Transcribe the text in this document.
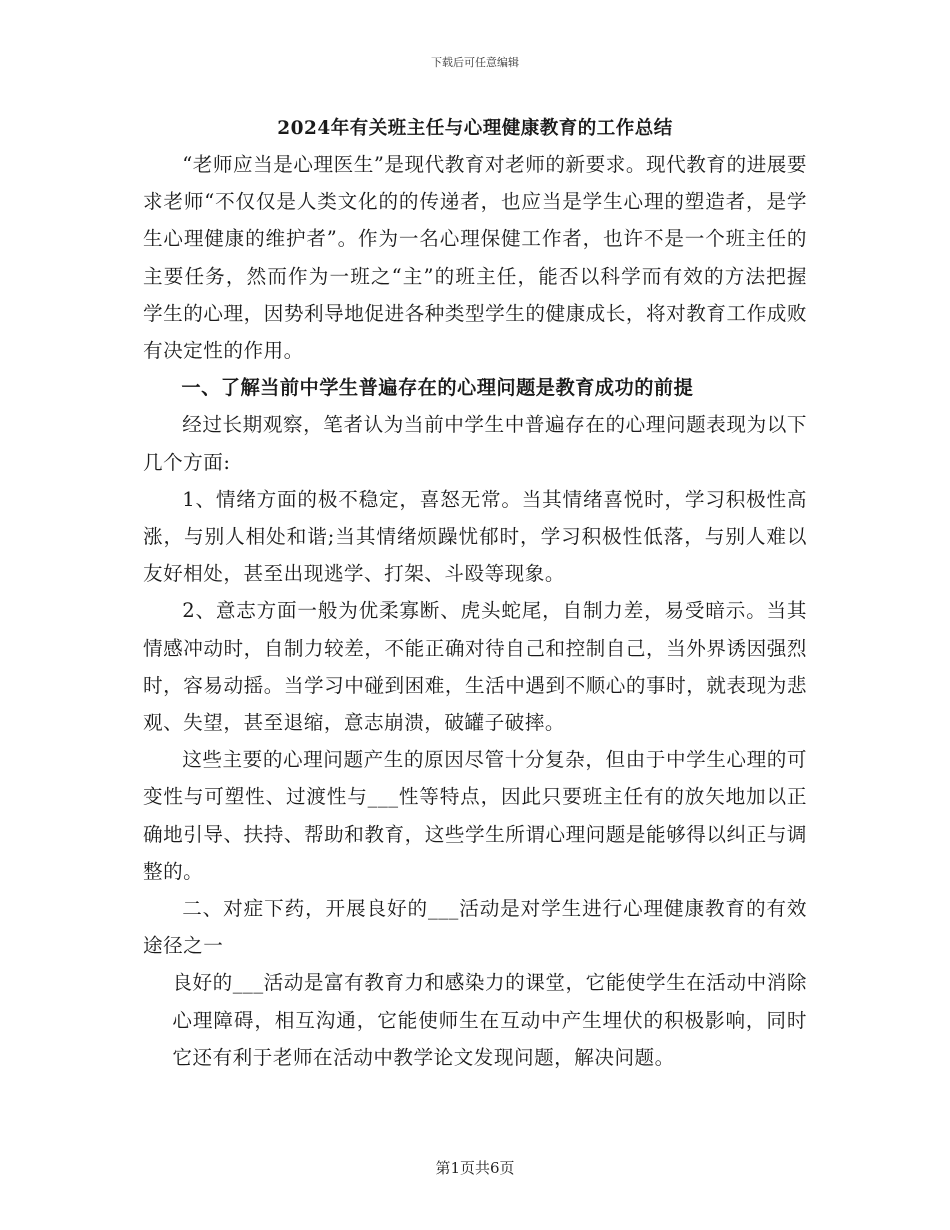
下载后可任意编辑
2024年有关班主任与心理健康教育的工作总结

“老师应当是心理医生”是现代教育对老师的新要求。现代教育的进展要求老师“不仅仅是人类文化的的传递者，也应当是学生心理的塑造者，是学生心理健康的维护者”。作为一名心理保健工作者，也许不是一个班主任的主要任务，然而作为一班之“主”的班主任，能否以科学而有效的方法把握学生的心理，因势利导地促进各种类型学生的健康成长，将对教育工作成败有决定性的作用。

一、了解当前中学生普遍存在的心理问题是教育成功的前提

经过长期观察，笔者认为当前中学生中普遍存在的心理问题表现为以下几个方面:

1、情绪方面的极不稳定，喜怒无常。当其情绪喜悦时，学习积极性高涨，与别人相处和谐;当其情绪烦躁忧郁时，学习积极性低落，与别人难以友好相处，甚至出现逃学、打架、斗殴等现象。

2、意志方面一般为优柔寡断、虎头蛇尾，自制力差，易受暗示。当其情感冲动时，自制力较差，不能正确对待自己和控制自己，当外界诱因强烈时，容易动摇。当学习中碰到困难，生活中遇到不顺心的事时，就表现为悲观、失望，甚至退缩，意志崩溃，破罐子破摔。

这些主要的心理问题产生的原因尽管十分复杂，但由于中学生心理的可变性与可塑性、过渡性与___性等特点，因此只要班主任有的放矢地加以正确地引导、扶持、帮助和教育，这些学生所谓心理问题是能够得以纠正与调整的。

二、对症下药，开展良好的___活动是对学生进行心理健康教育的有效途径之一

良好的___活动是富有教育力和感染力的课堂，它能使学生在活动中消除心理障碍，相互沟通，它能使师生在互动中产生埋伏的积极影响，同时它还有利于老师在活动中教学论文发现问题，解决问题。

第1页共6页
